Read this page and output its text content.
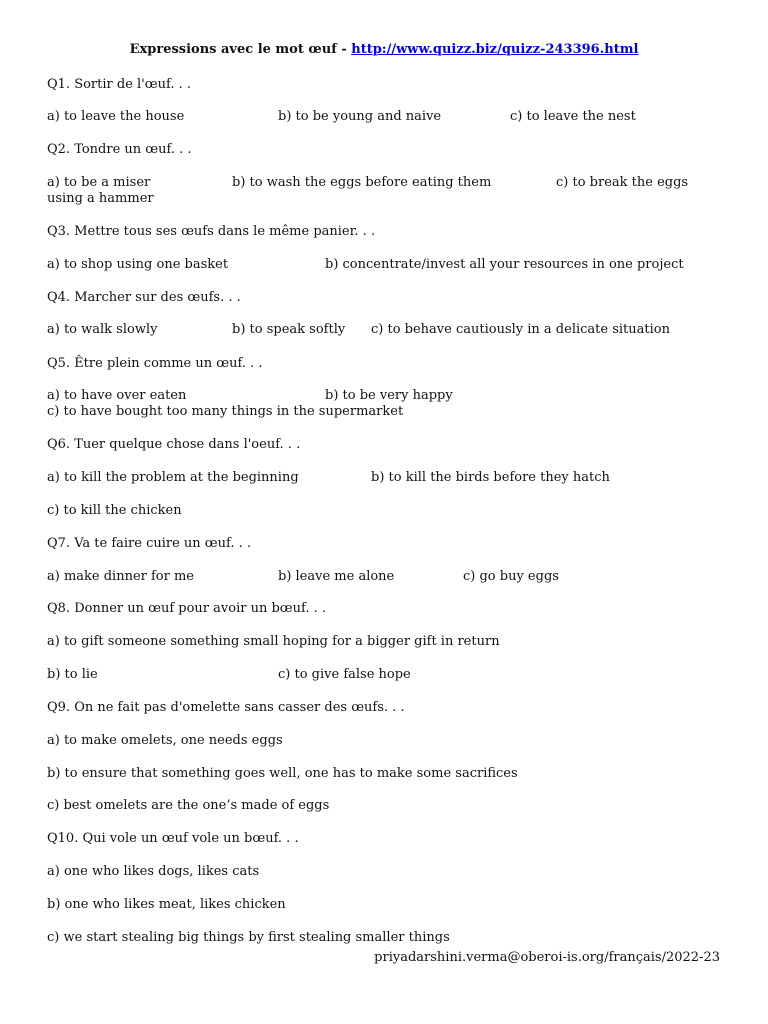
Expressions avec le mot œuf - http://www.quizz.biz/quizz-243396.html
Q1. Sortir de l'œuf. . .
a) to leave the house	b) to be young and naive	c) to leave the nest
Q2. Tondre un œuf. . .
a) to be a miser	b) to wash the eggs before eating them	c) to break the eggs
using a hammer
Q3. Mettre tous ses œufs dans le même panier. . .
a) to shop using one basket	b) concentrate/invest all your resources in one project
Q4. Marcher sur des œufs. . .
a) to walk slowly	b) to speak softly c) to behave cautiously in a delicate situation
Q5. Être plein comme un œuf. . .
a) to have over eaten	b) to be very happy
c) to have bought too many things in the supermarket
Q6. Tuer quelque chose dans l'oeuf. . .
a) to kill the problem at the beginning	b) to kill the birds before they hatch
c) to kill the chicken
Q7. Va te faire cuire un œuf. . .
a) make dinner for me	b) leave me alone	c) go buy eggs
Q8. Donner un œuf pour avoir un bœuf. . .
a) to gift someone something small hoping for a bigger gift in return
b) to lie	c) to give false hope
Q9. On ne fait pas d'omelette sans casser des œufs. . .
a) to make omelets, one needs eggs
b) to ensure that something goes well, one has to make some sacrifices
c) best omelets are the one’s made of eggs
Q10. Qui vole un œuf vole un bœuf. . .
a) one who likes dogs, likes cats
b) one who likes meat, likes chicken
c) we start stealing big things by first stealing smaller things
priyadarshini.verma@oberoi-is.org/français/2022-23
